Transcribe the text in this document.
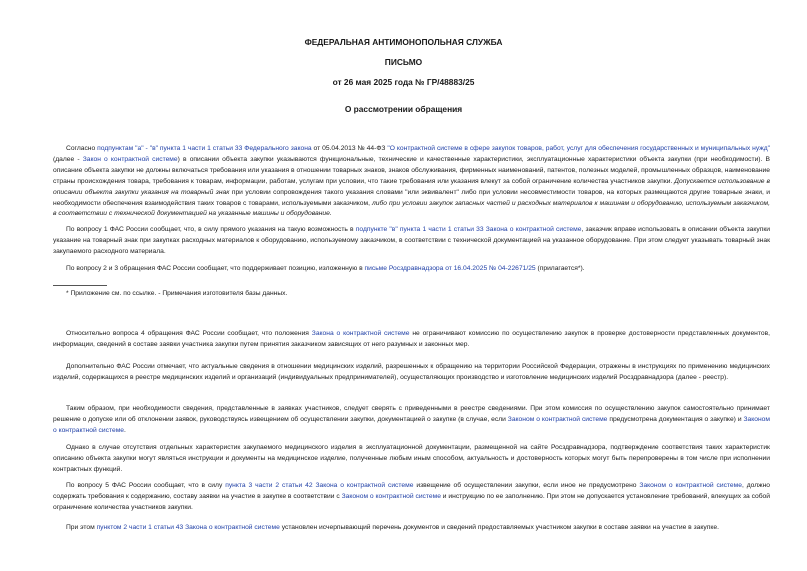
ФЕДЕРАЛЬНАЯ АНТИМОНОПОЛЬНАЯ СЛУЖБА
ПИСЬМО
от 26 мая 2025 года № ГР/48883/25
О рассмотрении обращения

Согласно подпунктам "а" - "в" пункта 1 части 1 статьи 33 Федерального закона от 05.04.2013 № 44-ФЗ "О контрактной системе в сфере закупок товаров, работ, услуг для обеспечения государственных и муниципальных нужд" (далее - Закон о контрактной системе) в описании объекта закупки указываются функциональные, технические и качественные характеристики, эксплуатационные характеристики объекта закупки (при необходимости). В описание объекта закупки не должны включаться требования или указания в отношении товарных знаков, знаков обслуживания, фирменных наименований, патентов, полезных моделей, промышленных образцов, наименование страны происхождения товара, требования к товарам, информации, работам, услугам при условии, что такие требования или указания влекут за собой ограничение количества участников закупки. Допускается использование в описании объекта закупки указания на товарный знак при условии сопровождения такого указания словами "или эквивалент" либо при условии несовместимости товаров, на которых размещаются другие товарные знаки, и необходимости обеспечения взаимодействия таких товаров с товарами, используемыми заказчиком, либо при условии закупок запасных частей и расходных материалов к машинам и оборудованию, используемым заказчиком, в соответствии с технической документацией на указанные машины и оборудование.

По вопросу 1 ФАС России сообщает, что, в силу прямого указания на такую возможность в подпункте "в" пункта 1 части 1 статьи 33 Закона о контрактной системе, заказчик вправе использовать в описании объекта закупки указание на товарный знак при закупках расходных материалов к оборудованию, используемому заказчиком, в соответствии с технической документацией на указанное оборудование. При этом следует указывать товарный знак закупаемого расходного материала.

По вопросу 2 и 3 обращения ФАС России сообщает, что поддерживает позицию, изложенную в письме Росздравнадзора от 16.04.2025 № 04-22671/25 (прилагается*).

* Приложение см. по ссылке. - Примечания изготовителя базы данных.

Относительно вопроса 4 обращения ФАС России сообщает, что положения Закона о контрактной системе не ограничивают комиссию по осуществлению закупок в проверке достоверности представленных документов, информации, сведений в составе заявки участника закупки путем принятия заказчиком зависящих от него разумных и законных мер.

Дополнительно ФАС России отмечает, что актуальные сведения в отношении медицинских изделий, разрешенных к обращению на территории Российской Федерации, отражены в инструкциях по применению медицинских изделий, содержащихся в реестре медицинских изделий и организаций (индивидуальных предпринимателей), осуществляющих производство и изготовление медицинских изделий Росздравнадзора (далее - реестр).

Таким образом, при необходимости сведения, представленные в заявках участников, следует сверять с приведенными в реестре сведениями. При этом комиссия по осуществлению закупок самостоятельно принимает решение о допуске или об отклонении заявок, руководствуясь извещением об осуществлении закупки, документацией о закупке (в случае, если Законом о контрактной системе предусмотрена документация о закупке) и Законом о контрактной системе.

Однако в случае отсутствия отдельных характеристик закупаемого медицинского изделия в эксплуатационной документации, размещенной на сайте Росздравнадзора, подтверждение соответствия таких характеристик описанию объекта закупки могут являться инструкции и документы на медицинское изделие, полученные любым иным способом, актуальность и достоверность которых могут быть перепроверены в том числе при исполнении контрактных функций.

По вопросу 5 ФАС России сообщает, что в силу пункта 3 части 2 статьи 42 Закона о контрактной системе извещение об осуществлении закупки, если иное не предусмотрено Законом о контрактной системе, должно содержать требования к содержанию, составу заявки на участие в закупке в соответствии с Законом о контрактной системе и инструкцию по ее заполнению. При этом не допускается установление требований, влекущих за собой ограничение количества участников закупки.

При этом пунктом 2 части 1 статьи 43 Закона о контрактной системе установлен исчерпывающий перечень документов и сведений предоставляемых участником закупки в составе заявки на участие в закупке.
